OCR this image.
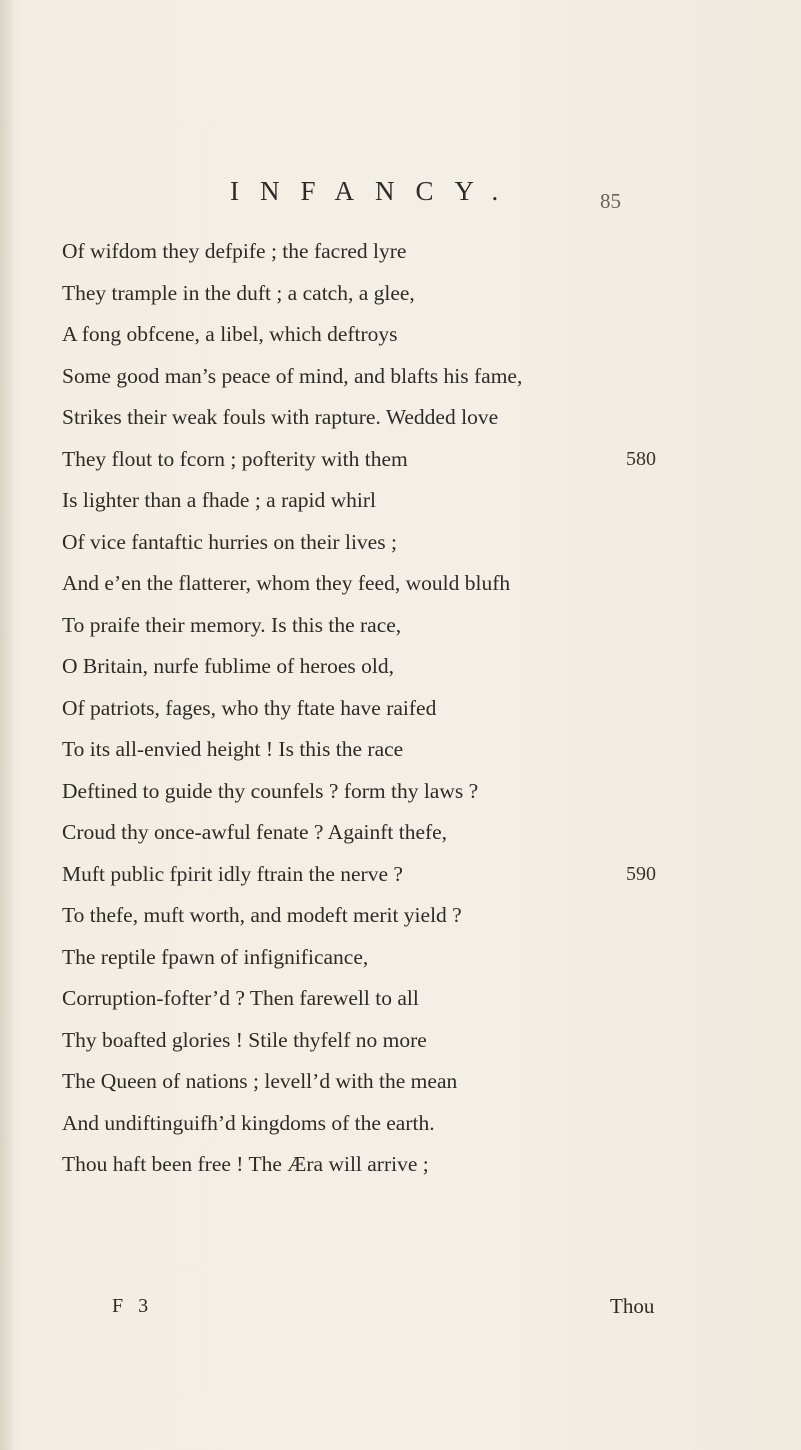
INFANCY.	85
Of wifdom they defpife ; the facred lyre
They trample in the duft ; a catch, a glee,
A fong obfcene, a libel, which deftroys
Some good man’s peace of mind, and blafts his fame,
Strikes their weak fouls with rapture. Wedded love
They flout to fcorn ; pofterity with them	580
Is lighter than a fhade ; a rapid whirl
Of vice fantaftic hurries on their lives ;
And e’en the flatterer, whom they feed, would blufh
To praife their memory. Is this the race,
O Britain, nurfe fublime of heroes old,
Of patriots, fages, who thy ftate have raifed
To its all-envied height ! Is this the race
Deftined to guide thy counfels ? form thy laws ?
Croud thy once-awful fenate ? Againft thefe,
Muft public fpirit idly ftrain the nerve ?	590
To thefe, muft worth, and modeft merit yield ?
The reptile fpawn of infignificance,
Corruption-fofter’d ? Then farewell to all
Thy boafted glories ! Stile thyfelf no more
The Queen of nations ; levell’d with the mean
And undiftinguifh’d kingdoms of the earth.
Thou haft been free ! The Æra will arrive ;
F 3	Thou
